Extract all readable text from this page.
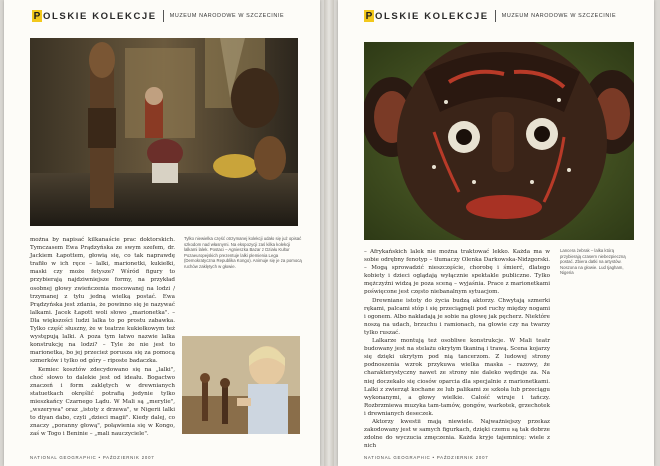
P OLSKIE KOLEKCJE MUZEUM NARODOWE W SZCZECINIE

można by napisać kilkanaście prac doktorskich. Tymczasem Ewa Prądzyńska ze swym szefem, dr. Jackiem Łapottem, głowią się, co tak naprawdę trafiło w ich ręce – lalki, marionetki, kukiełki, maski czy może fetysze? Wśród figury to przybierają najdziwniejsze formy, na przykład osobnej głowy zwieńczenia mocowanej na lodzi / trzymanej z tyłu jedną wielką postać. Ewa Prądzyńska jest zdania, że powinno się je nazywać lalkami. Jacek Łapott woli słowo „marionetka". – Dla większości ludzi lalka to po prostu zabawka. Tylko część słuszny, że w teatrze kukiełkowym też występują lalki. A poza tym łatwo nazwie lalka konstrukcję na lodzi? – Tyle że nie jest to marionetka, bo jej przecież porusza się za pomocą szmerków i tylko od góry – riposte badaczka.

Kemiec kosztów zdecydowano się na „lalki", choć słowo to dalekie jest od ideału. Bogactwo znaczeń i form zaklętych w drewnianych statuetkach okręślić potrafią jedynie tylko mieszkańcy Czarnego Lądu. W Mali są „merylie", „wszerywa" oraz „istoty z drzewa", w Nigerii lalki to diyan dabo, czyli „dzieci magii". Kiedy dalej, co znaczy „poranny głową", połąwienia się w Kongo, zaś w Togo i Beninie – „mali nauczyciele".

Tylko niewielka część otrzymanej kolekcji udało się już opisać szkodom nad własnymi. Na ekspozycji zaś kilka kolekcji lalkami lalek. Postaci – Agnieszka Bazar z Działu Kultur Pozaeuropejskich prezentuje lalki plemienia Lega (Demokratyczna Republika Kongo). Animuje się je za pomocą ruchów zaklętych w głowie.
NATIONAL GEOGRAPHIC • PAŹDZIERNIK 2007
P OLSKIE KOLEKCJE MUZEUM NARODOWE W SZCZECINIE

– Afrykańskich lalek nie można traktować lekko. Każda ma w sobie odrębny fenotyp – tłumaczy Olenka Darkowska-Nidzgorski. – Mogą sprowadzić nieszczęście, chorobę i śmierć, dlatego kobiety i dzieci oglądają wyłącznie spektakle publiczne. Tylko mężczyźni widzą je poza sceną – wyjaśnia. Prace z marionetkami poświęcone jest często niebanalnym sytuacjom.

Drewniane istoty do życia budzą aktorzy. Chwytają szmerki rękami, palcami stóp i się przeciągnęli pod ruchy między nogami i ogonem. Albo nakładają je sobie na głowę jak pęcherz. Niektóre noszą na udach, brzuchu i ramionach, na głowie czy na twarzy tylko ruszać.

Lalkarze montują też osobliwe konstrukcje. W Mali teatr budowany jest na stelażu okrytym tkaniną i trawą. Scena kojarzy się dzięki ukrytym pod nią tancerzom. Z ludowej strony podnoszenia wzrok przykuwa wielka maska – razowy, że charakterystyczny nawet ze strony nie daleko wędruje za. Na niej doczekało się ciosów oparcia dla specjalnie z marionetkami. Lalki z zwierząt kochane ze lub palikami ze szkoła lub przeciągu wykonanymi, a głowy wielkie. Całość wiruje i tańczy. Rozbrzmiewa muzyka tam-tamów, gongów, warkotek, grzechotek i drewnianych deseczek.

Aktorzy kwestii mają niewiele. Najważniejszy przekaz zakodowany jest w samych figurkach, dzięki czemu są tak dobrze zdolne do wyczucia zmęczenia. Każda kryje tajemnicę: wiele z nich

Lancera żebrak – lalka którą przybierają czasem niebezpieczną postać. Zbiera datki na artystów. Noszona na głowie. Lud Ijagham, Nigeria
NATIONAL GEOGRAPHIC • PAŹDZIERNIK 2007
